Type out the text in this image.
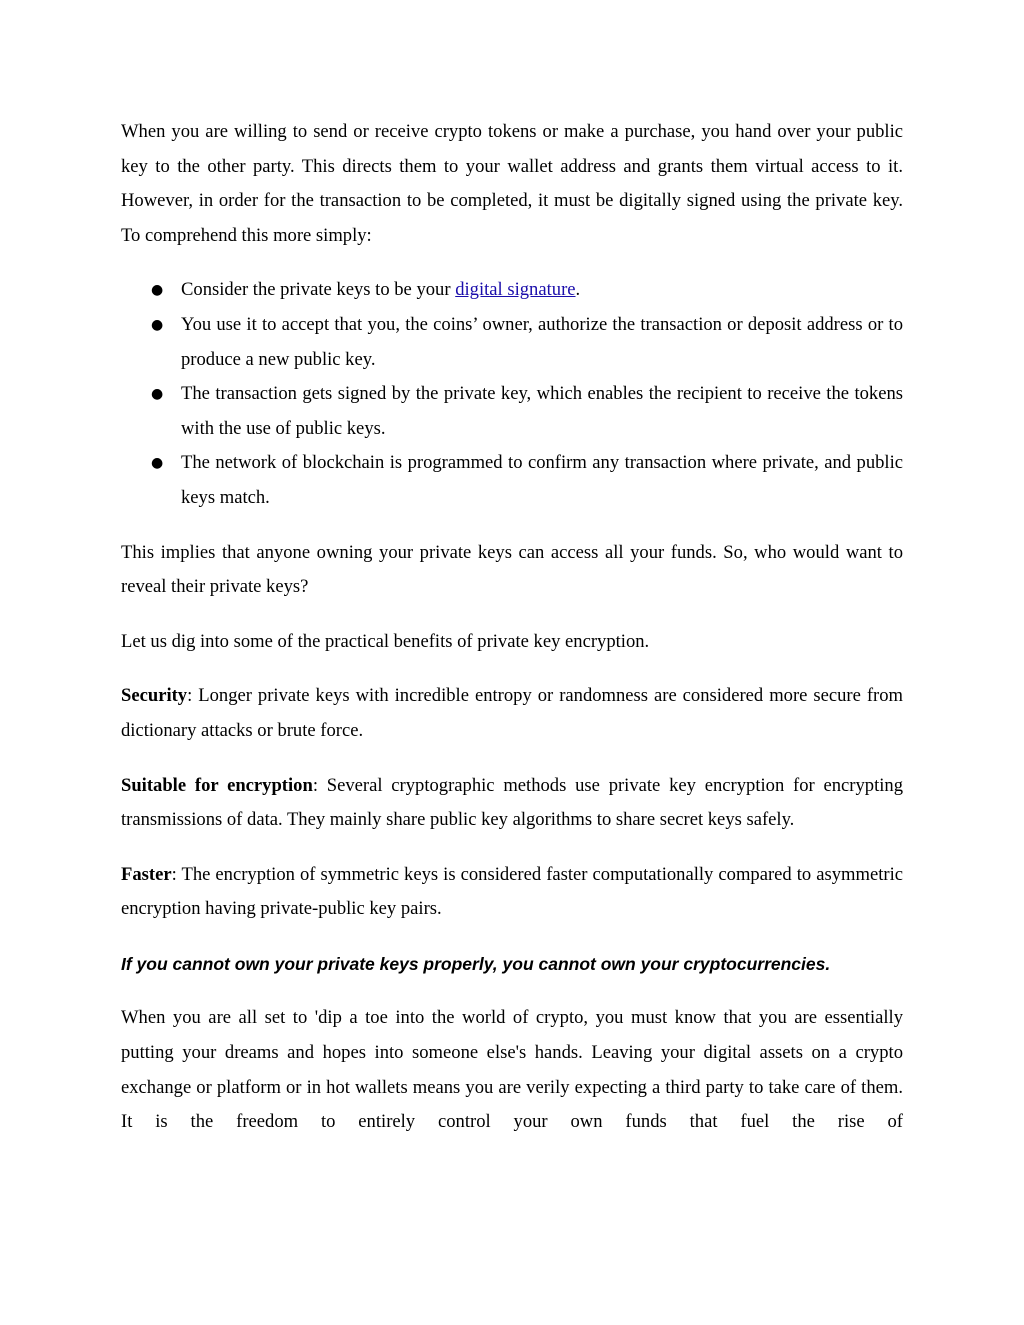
When you are willing to send or receive crypto tokens or make a purchase, you hand over your public key to the other party. This directs them to your wallet address and grants them virtual access to it. However, in order for the transaction to be completed, it must be digitally signed using the private key. To comprehend this more simply:

● Consider the private keys to be your digital signature.
● You use it to accept that you, the coins’ owner, authorize the transaction or deposit address or to produce a new public key.
● The transaction gets signed by the private key, which enables the recipient to receive the tokens with the use of public keys.
● The network of blockchain is programmed to confirm any transaction where private, and public keys match.

This implies that anyone owning your private keys can access all your funds. So, who would want to reveal their private keys?

Let us dig into some of the practical benefits of private key encryption.

Security: Longer private keys with incredible entropy or randomness are considered more secure from dictionary attacks or brute force.

Suitable for encryption: Several cryptographic methods use private key encryption for encrypting transmissions of data. They mainly share public key algorithms to share secret keys safely.

Faster: The encryption of symmetric keys is considered faster computationally compared to asymmetric encryption having private-public key pairs.

If you cannot own your private keys properly, you cannot own your cryptocurrencies.

When you are all set to 'dip a toe into the world of crypto, you must know that you are essentially putting your dreams and hopes into someone else's hands. Leaving your digital assets on a crypto exchange or platform or in hot wallets means you are verily expecting a third party to take care of them. It is the freedom to entirely control your own funds that fuel the rise of
